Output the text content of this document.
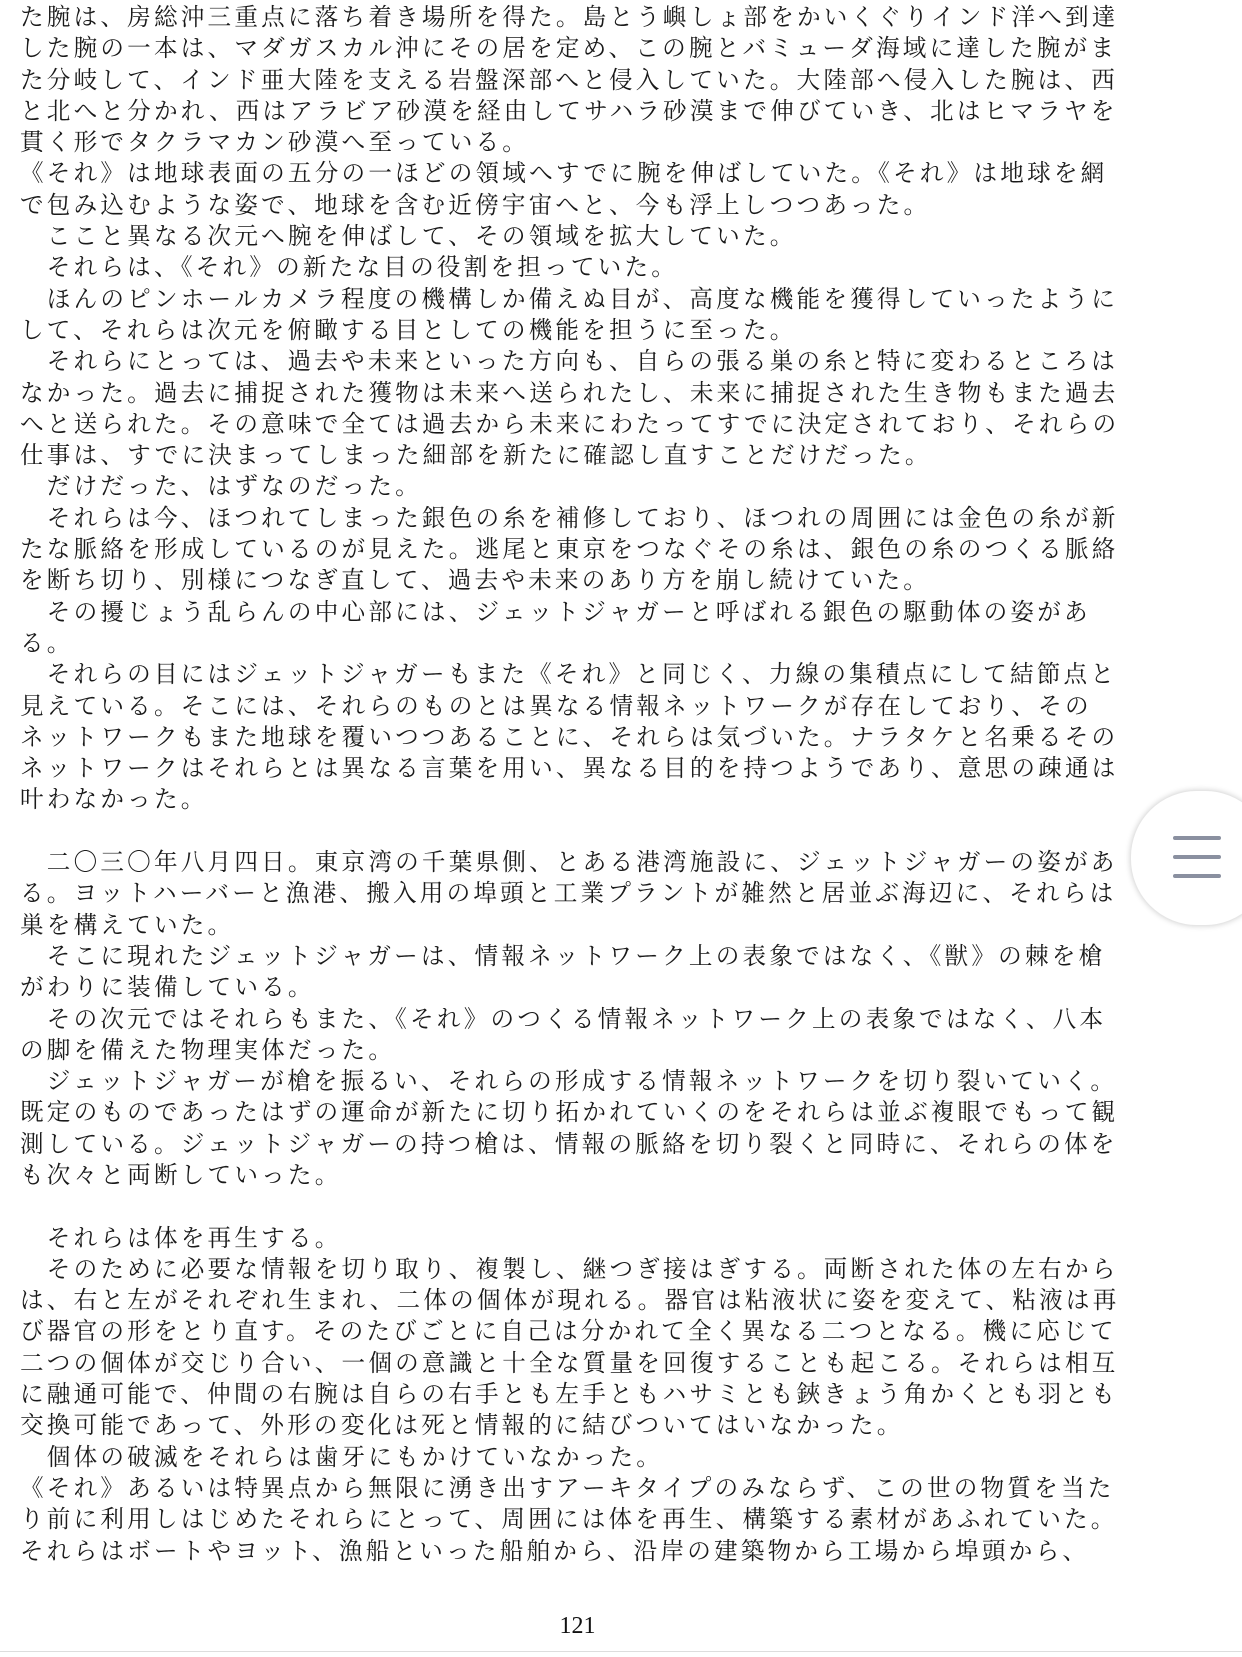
た腕は、房総沖三重点に落ち着き場所を得た。島とう嶼しょ部をかいくぐりインド洋へ到達
した腕の一本は、マダガスカル沖にその居を定め、この腕とバミューダ海域に達した腕がま
た分岐して、インド亜大陸を支える岩盤深部へと侵入していた。大陸部へ侵入した腕は、西
と北へと分かれ、西はアラビア砂漠を経由してサハラ砂漠まで伸びていき、北はヒマラヤを
貫く形でタクラマカン砂漠へ至っている。
《それ》は地球表面の五分の一ほどの領域へすでに腕を伸ばしていた。《それ》は地球を網
で包み込むような姿で、地球を含む近傍宇宙へと、今も浮上しつつあった。
　ここと異なる次元へ腕を伸ばして、その領域を拡大していた。
　それらは、《それ》の新たな目の役割を担っていた。
　ほんのピンホールカメラ程度の機構しか備えぬ目が、高度な機能を獲得していったように
して、それらは次元を俯瞰する目としての機能を担うに至った。
　それらにとっては、過去や未来といった方向も、自らの張る巣の糸と特に変わるところは
なかった。過去に捕捉された獲物は未来へ送られたし、未来に捕捉された生き物もまた過去
へと送られた。その意味で全ては過去から未来にわたってすでに決定されており、それらの
仕事は、すでに決まってしまった細部を新たに確認し直すことだけだった。
　だけだった、はずなのだった。
　それらは今、ほつれてしまった銀色の糸を補修しており、ほつれの周囲には金色の糸が新
たな脈絡を形成しているのが見えた。逃尾と東京をつなぐその糸は、銀色の糸のつくる脈絡
を断ち切り、別様につなぎ直して、過去や未来のあり方を崩し続けていた。
　その擾じょう乱らんの中心部には、ジェットジャガーと呼ばれる銀色の駆動体の姿があ
る。
　それらの目にはジェットジャガーもまた《それ》と同じく、力線の集積点にして結節点と
見えている。そこには、それらのものとは異なる情報ネットワークが存在しており、その
ネットワークもまた地球を覆いつつあることに、それらは気づいた。ナラタケと名乗るその
ネットワークはそれらとは異なる言葉を用い、異なる目的を持つようであり、意思の疎通は
叶わなかった。
　二〇三〇年八月四日。東京湾の千葉県側、とある港湾施設に、ジェットジャガーの姿があ
る。ヨットハーバーと漁港、搬入用の埠頭と工業プラントが雑然と居並ぶ海辺に、それらは
巣を構えていた。
　そこに現れたジェットジャガーは、情報ネットワーク上の表象ではなく、《獣》の棘を槍
がわりに装備している。
　その次元ではそれらもまた、《それ》のつくる情報ネットワーク上の表象ではなく、八本
の脚を備えた物理実体だった。
　ジェットジャガーが槍を振るい、それらの形成する情報ネットワークを切り裂いていく。
既定のものであったはずの運命が新たに切り拓かれていくのをそれらは並ぶ複眼でもって観
測している。ジェットジャガーの持つ槍は、情報の脈絡を切り裂くと同時に、それらの体を
も次々と両断していった。
　それらは体を再生する。
　そのために必要な情報を切り取り、複製し、継つぎ接はぎする。両断された体の左右から
は、右と左がそれぞれ生まれ、二体の個体が現れる。器官は粘液状に姿を変えて、粘液は再
び器官の形をとり直す。そのたびごとに自己は分かれて全く異なる二つとなる。機に応じて
二つの個体が交じり合い、一個の意識と十全な質量を回復することも起こる。それらは相互
に融通可能で、仲間の右腕は自らの右手とも左手ともハサミとも鋏きょう角かくとも羽とも
交換可能であって、外形の変化は死と情報的に結びついてはいなかった。
　個体の破滅をそれらは歯牙にもかけていなかった。
《それ》あるいは特異点から無限に湧き出すアーキタイプのみならず、この世の物質を当た
り前に利用しはじめたそれらにとって、周囲には体を再生、構築する素材があふれていた。
それらはボートやヨット、漁船といった船舶から、沿岸の建築物から工場から埠頭から、
121
